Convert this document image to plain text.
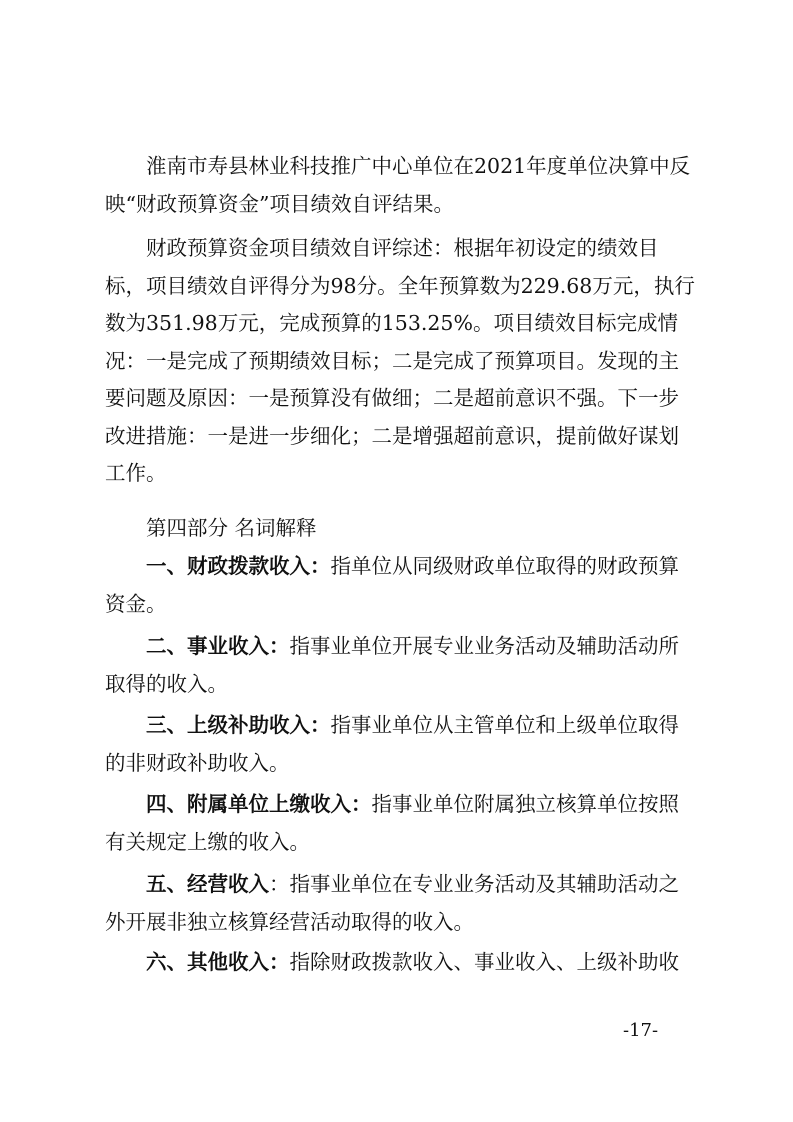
淮南市寿县林业科技推广中心单位在2021年度单位决算中反映“财政预算资金”项目绩效自评结果。

财政预算资金项目绩效自评综述：根据年初设定的绩效目标，项目绩效自评得分为98分。全年预算数为229.68万元，执行数为351.98万元，完成预算的153.25%。项目绩效目标完成情况：一是完成了预期绩效目标；二是完成了预算项目。发现的主要问题及原因：一是预算没有做细；二是超前意识不强。下一步改进措施：一是进一步细化；二是增强超前意识，提前做好谋划工作。

第四部分 名词解释

一、财政拨款收入：指单位从同级财政单位取得的财政预算资金。

二、事业收入：指事业单位开展专业业务活动及辅助活动所取得的收入。

三、上级补助收入：指事业单位从主管单位和上级单位取得的非财政补助收入。

四、附属单位上缴收入：指事业单位附属独立核算单位按照有关规定上缴的收入。

五、经营收入：指事业单位在专业业务活动及其辅助活动之外开展非独立核算经营活动取得的收入。

六、其他收入：指除财政拨款收入、事业收入、上级补助收

-17-
